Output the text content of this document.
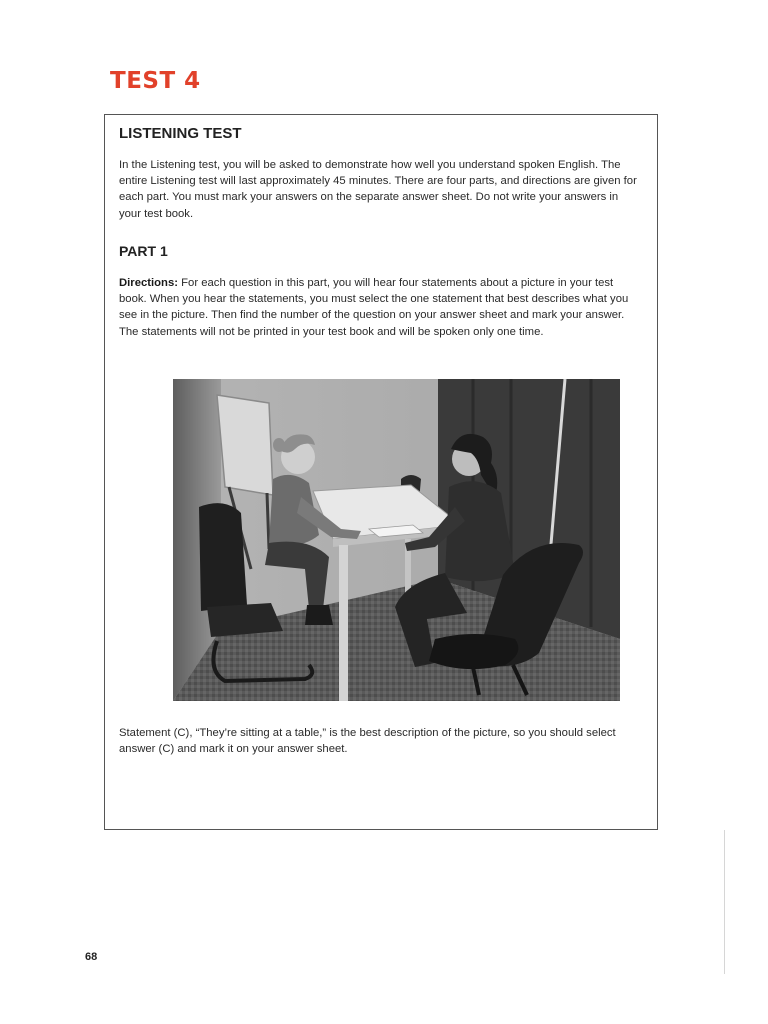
TEST 4
LISTENING TEST

In the Listening test, you will be asked to demonstrate how well you understand spoken English. The entire Listening test will last approximately 45 minutes. There are four parts, and directions are given for each part. You must mark your answers on the separate answer sheet. Do not write your answers in your test book.

PART 1

Directions: For each question in this part, you will hear four statements about a picture in your test book. When you hear the statements, you must select the one statement that best describes what you see in the picture. Then find the number of the question on your answer sheet and mark your answer. The statements will not be printed in your test book and will be spoken only one time.

Statement (C), “They’re sitting at a table,” is the best description of the picture, so you should select answer (C) and mark it on your answer sheet.

68
